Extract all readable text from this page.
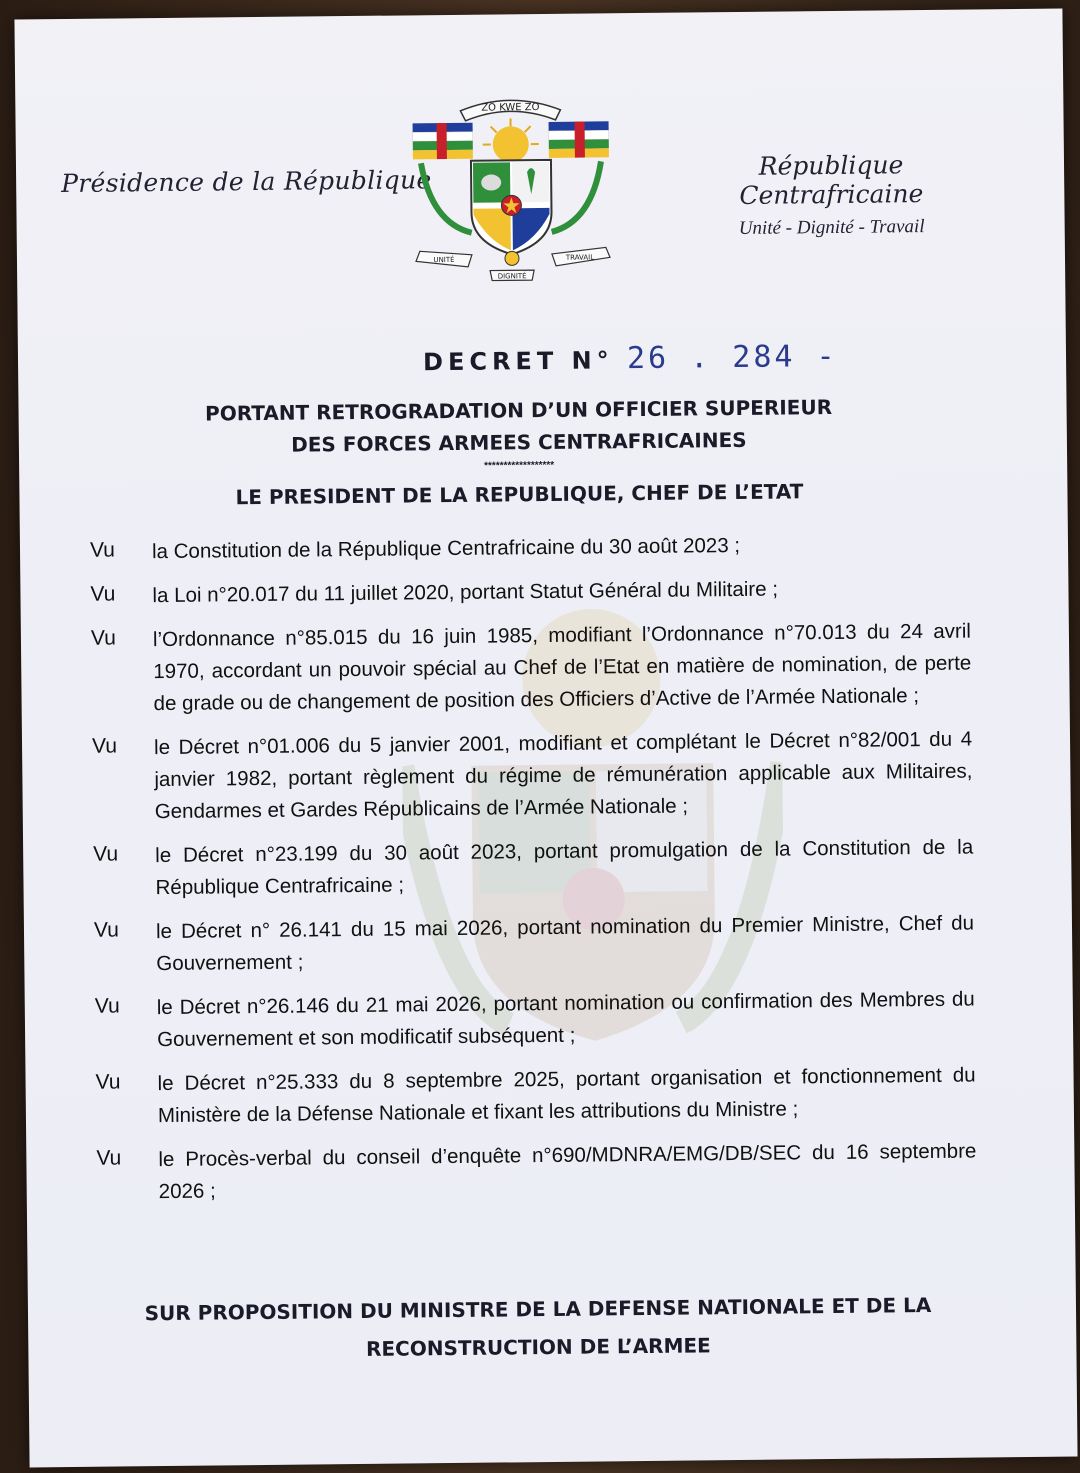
Présidence de la République
ZO KWE ZO
UNITÉ	TRAVAIL
DIGNITÉ
République Centrafricaine
Unité - Dignité - Travail
DECRET N° 26 . 284 -
PORTANT RETROGRADATION D’UN OFFICIER SUPERIEUR
DES FORCES ARMEES CENTRAFRICAINES
******************
LE PRESIDENT DE LA REPUBLIQUE, CHEF DE L’ETAT
Vu	la Constitution de la République Centrafricaine du 30 août 2023 ;
Vu	la Loi n°20.017 du 11 juillet 2020, portant Statut Général du Militaire ;
Vu	l’Ordonnance n°85.015 du 16 juin 1985, modifiant l’Ordonnance n°70.013 du 24 avril 1970, accordant un pouvoir spécial au Chef de l’Etat en matière de nomination, de perte de grade ou de changement de position des Officiers d’Active de l’Armée Nationale ;
Vu	le Décret n°01.006 du 5 janvier 2001, modifiant et complétant le Décret n°82/001 du 4 janvier 1982, portant règlement du régime de rémunération applicable aux Militaires, Gendarmes et Gardes Républicains de l’Armée Nationale ;
Vu	le Décret n°23.199 du 30 août 2023, portant promulgation de la Constitution de la République Centrafricaine ;
Vu	le Décret n° 26.141 du 15 mai 2026, portant nomination du Premier Ministre, Chef du Gouvernement ;
Vu	le Décret n°26.146 du 21 mai 2026, portant nomination ou confirmation des Membres du Gouvernement et son modificatif subséquent ;
Vu	le Décret n°25.333 du 8 septembre 2025, portant organisation et fonctionnement du Ministère de la Défense Nationale et fixant les attributions du Ministre ;
Vu	le Procès-verbal du conseil d’enquête n°690/MDNRA/EMG/DB/SEC du 16 septembre 2026 ;
SUR PROPOSITION DU MINISTRE DE LA DEFENSE NATIONALE ET DE LA
RECONSTRUCTION DE L’ARMEE
